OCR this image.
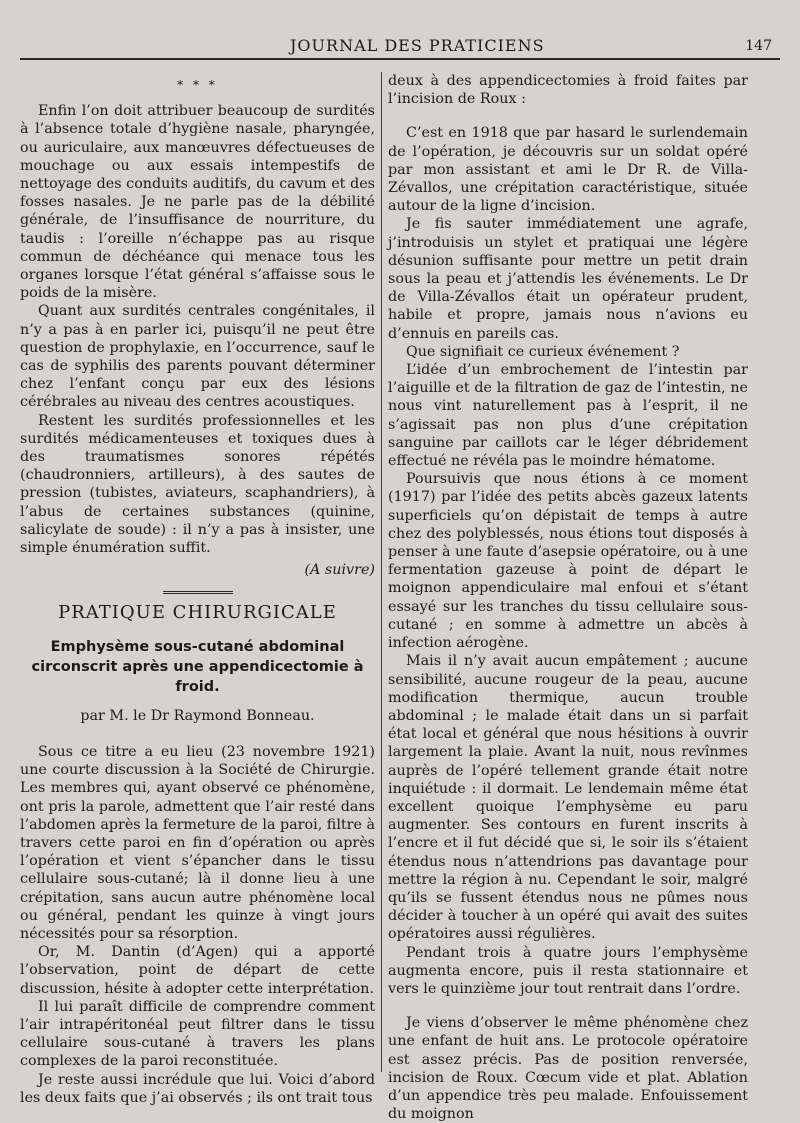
JOURNAL DES PRATICIENS	147

* * *

Enfin l’on doit attribuer beaucoup de surdités à l’absence totale d’hygiène nasale, pharyngée, ou auriculaire, aux manœuvres défectueuses de mouchage ou aux essais intempestifs de nettoyage des conduits auditifs, du cavum et des fosses nasales. Je ne parle pas de la débilité générale, de l’insuffisance de nourriture, du taudis : l’oreille n’échappe pas au risque commun de déchéance qui menace tous les organes lorsque l’état général s’affaisse sous le poids de la misère.

Quant aux surdités centrales congénitales, il n’y a pas à en parler ici, puisqu’il ne peut être question de prophylaxie, en l’occurrence, sauf le cas de syphilis des parents pouvant déterminer chez l’enfant conçu par eux des lésions cérébrales au niveau des centres acoustiques.

Restent les surdités professionnelles et les surdités médicamenteuses et toxiques dues à des traumatismes sonores répétés (chaudronniers, artilleurs), à des sautes de pression (tubistes, aviateurs, scaphandriers), à l’abus de certaines substances (quinine, salicylate de soude) : il n’y a pas à insister, une simple énumération suffit.

(A suivre)

PRATIQUE CHIRURGICALE

Emphysème sous-cutané abdominal

circonscrit après une appendicectomie à froid.

par M. le Dr Raymond Bonneau.

Sous ce titre a eu lieu (23 novembre 1921) une courte discussion à la Société de Chirurgie. Les membres qui, ayant observé ce phénomène, ont pris la parole, admettent que l’air resté dans l’abdomen après la fermeture de la paroi, filtre à travers cette paroi en fin d’opération ou après l’opération et vient s’épancher dans le tissu cellulaire sous-cutané; là il donne lieu à une crépitation, sans aucun autre phénomène local ou général, pendant les quinze à vingt jours nécessités pour sa résorption.

Or, M. Dantin (d’Agen) qui a apporté l’observation, point de départ de cette discussion, hésite à adopter cette interprétation.

Il lui paraît difficile de comprendre comment l’air intrapéritonéal peut filtrer dans le tissu cellulaire sous-cutané à travers les plans complexes de la paroi reconstituée.

Je reste aussi incrédule que lui. Voici d’abord les deux faits que j’ai observés ; ils ont trait tous

deux à des appendicectomies à froid faites par l’incision de Roux :

C’est en 1918 que par hasard le surlendemain de l’opération, je découvris sur un soldat opéré par mon assistant et ami le Dr R. de Villa-Zévallos, une crépitation caractéristique, située autour de la ligne d’incision.

Je fis sauter immédiatement une agrafe, j’introduisis un stylet et pratiquai une légère désunion suffisante pour mettre un petit drain sous la peau et j’attendis les événements. Le Dr de Villa-Zévallos était un opérateur prudent, habile et propre, jamais nous n’avions eu d’ennuis en pareils cas.

Que signifiait ce curieux événement ?

L’idée d’un embrochement de l’intestin par l’aiguille et de la filtration de gaz de l’intestin, ne nous vint naturellement pas à l’esprit, il ne s’agissait pas non plus d’une crépitation sanguine par caillots car le léger débridement effectué ne révéla pas le moindre hématome.

Poursuivis que nous étions à ce moment (1917) par l’idée des petits abcès gazeux latents superficiels qu’on dépistait de temps à autre chez des polyblessés, nous étions tout disposés à penser à une faute d’asepsie opératoire, ou à une fermentation gazeuse à point de départ le moignon appendiculaire mal enfoui et s’étant essayé sur les tranches du tissu cellulaire sous-cutané ; en somme à admettre un abcès à infection aérogène.

Mais il n’y avait aucun empâtement ; aucune sensibilité, aucune rougeur de la peau, aucune modification thermique, aucun trouble abdominal ; le malade était dans un si parfait état local et général que nous hésitions à ouvrir largement la plaie. Avant la nuit, nous revînmes auprès de l’opéré tellement grande était notre inquiétude : il dormait. Le lendemain même état excellent quoique l’emphysème eu paru augmenter. Ses contours en furent inscrits à l’encre et il fut décidé que si, le soir ils s’étaient étendus nous n’attendrions pas davantage pour mettre la région à nu. Cependant le soir, malgré qu’ils se fussent étendus nous ne pûmes nous décider à toucher à un opéré qui avait des suites opératoires aussi régulières.

Pendant trois à quatre jours l’emphysème augmenta encore, puis il resta stationnaire et vers le quinzième jour tout rentrait dans l’ordre.

Je viens d’observer le même phénomène chez une enfant de huit ans. Le protocole opératoire est assez précis. Pas de position renversée, incision de Roux. Cœcum vide et plat. Ablation d’un appendice très peu malade. Enfouissement du moignon
